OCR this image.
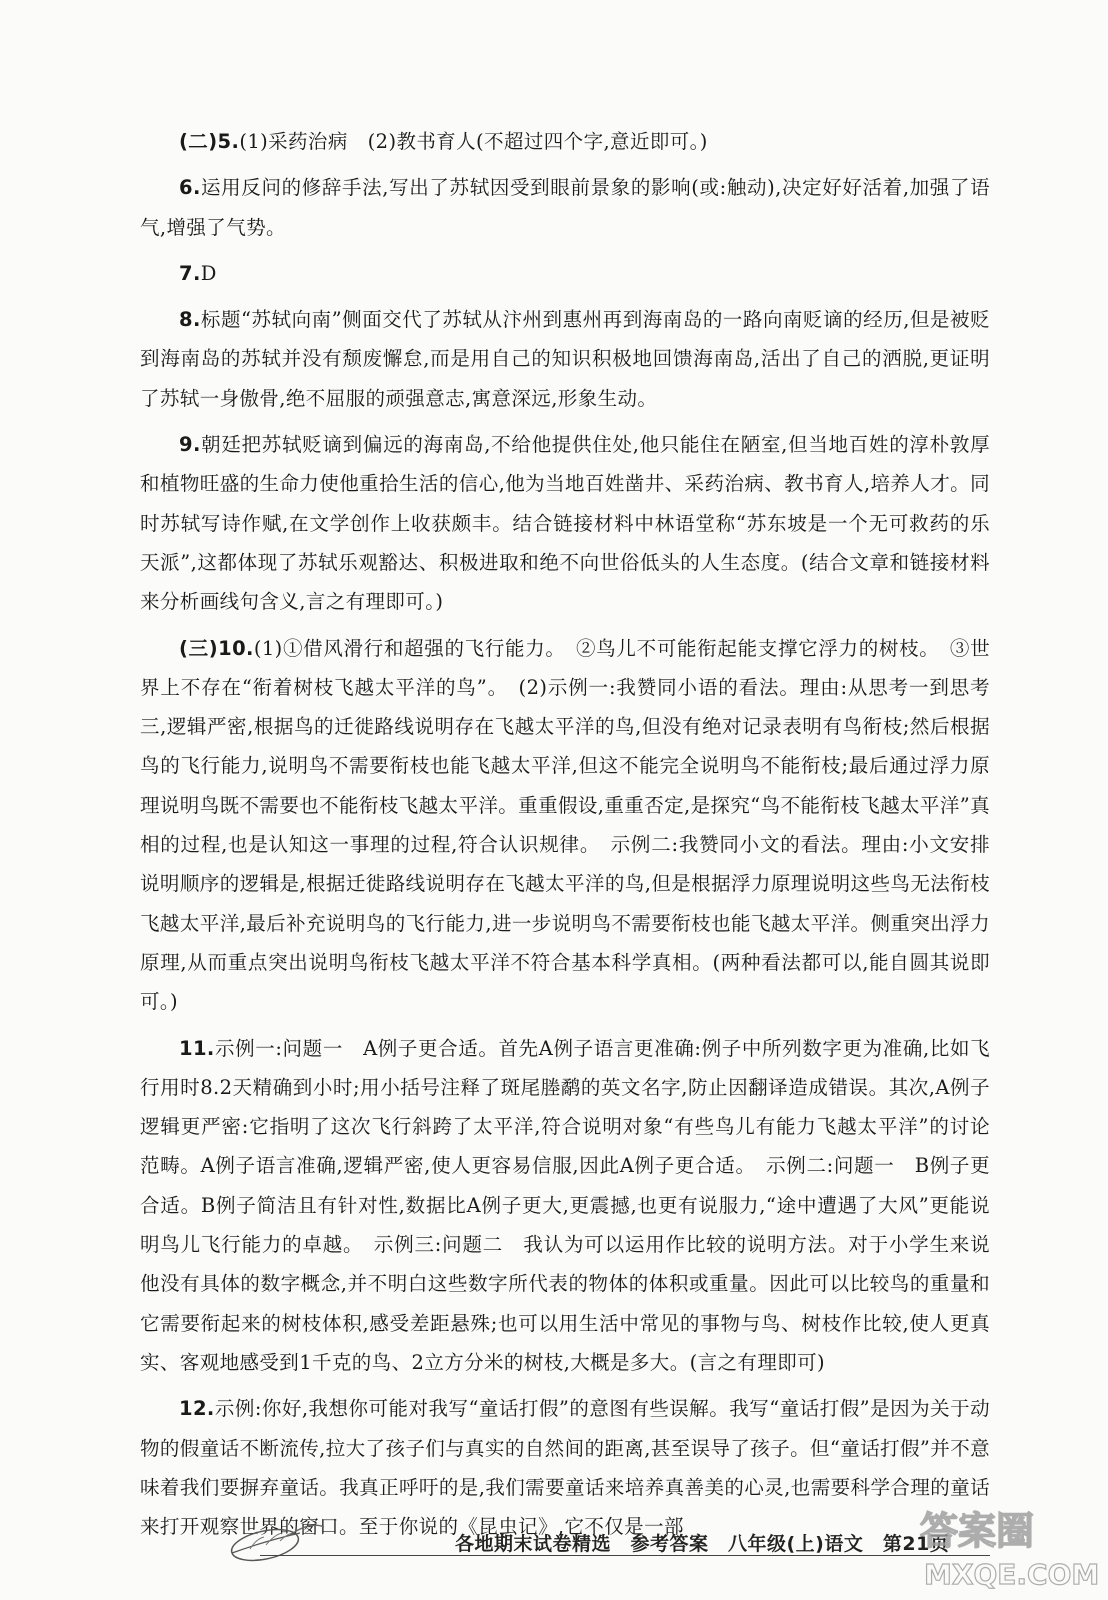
(二)5.(1)采药治病　(2)教书育人(不超过四个字,意近即可。)

6.运用反问的修辞手法,写出了苏轼因受到眼前景象的影响(或:触动),决定好好活着,加强了语气,增强了气势。

7.D

8.标题“苏轼向南”侧面交代了苏轼从汴州到惠州再到海南岛的一路向南贬谪的经历,但是被贬到海南岛的苏轼并没有颓废懈怠,而是用自己的知识积极地回馈海南岛,活出了自己的洒脱,更证明了苏轼一身傲骨,绝不屈服的顽强意志,寓意深远,形象生动。

9.朝廷把苏轼贬谪到偏远的海南岛,不给他提供住处,他只能住在陋室,但当地百姓的淳朴敦厚和植物旺盛的生命力使他重拾生活的信心,他为当地百姓凿井、采药治病、教书育人,培养人才。同时苏轼写诗作赋,在文学创作上收获颇丰。结合链接材料中林语堂称“苏东坡是一个无可救药的乐天派”,这都体现了苏轼乐观豁达、积极进取和绝不向世俗低头的人生态度。(结合文章和链接材料来分析画线句含义,言之有理即可。)

(三)10.(1)①借风滑行和超强的飞行能力。　②鸟儿不可能衔起能支撑它浮力的树枝。　③世界上不存在“衔着树枝飞越太平洋的鸟”。　(2)示例一:我赞同小语的看法。理由:从思考一到思考三,逻辑严密,根据鸟的迁徙路线说明存在飞越太平洋的鸟,但没有绝对记录表明有鸟衔枝;然后根据鸟的飞行能力,说明鸟不需要衔枝也能飞越太平洋,但这不能完全说明鸟不能衔枝;最后通过浮力原理说明鸟既不需要也不能衔枝飞越太平洋。重重假设,重重否定,是探究“鸟不能衔枝飞越太平洋”真相的过程,也是认知这一事理的过程,符合认识规律。　示例二:我赞同小文的看法。理由:小文安排说明顺序的逻辑是,根据迁徙路线说明存在飞越太平洋的鸟,但是根据浮力原理说明这些鸟无法衔枝飞越太平洋,最后补充说明鸟的飞行能力,进一步说明鸟不需要衔枝也能飞越太平洋。侧重突出浮力原理,从而重点突出说明鸟衔枝飞越太平洋不符合基本科学真相。(两种看法都可以,能自圆其说即可。)

11.示例一:问题一　A例子更合适。首先A例子语言更准确:例子中所列数字更为准确,比如飞行用时8.2天精确到小时;用小括号注释了斑尾塍鹬的英文名字,防止因翻译造成错误。其次,A例子逻辑更严密:它指明了这次飞行斜跨了太平洋,符合说明对象“有些鸟儿有能力飞越太平洋”的讨论范畴。A例子语言准确,逻辑严密,使人更容易信服,因此A例子更合适。　示例二:问题一　B例子更合适。B例子简洁且有针对性,数据比A例子更大,更震撼,也更有说服力,“途中遭遇了大风”更能说明鸟儿飞行能力的卓越。　示例三:问题二　我认为可以运用作比较的说明方法。对于小学生来说他没有具体的数字概念,并不明白这些数字所代表的物体的体积或重量。因此可以比较鸟的重量和它需要衔起来的树枝体积,感受差距悬殊;也可以用生活中常见的事物与鸟、树枝作比较,使人更真实、客观地感受到1千克的鸟、2立方分米的树枝,大概是多大。(言之有理即可)

12.示例:你好,我想你可能对我写“童话打假”的意图有些误解。我写“童话打假”是因为关于动物的假童话不断流传,拉大了孩子们与真实的自然间的距离,甚至误导了孩子。但“童话打假”并不意味着我们要摒弃童话。我真正呼吁的是,我们需要童话来培养真善美的心灵,也需要科学合理的童话来打开观察世界的窗口。至于你说的《昆虫记》,它不仅是一部

各地期末试卷精选　参考答案　八年级(上)语文　第21页
答案圈
MXQE.COM
